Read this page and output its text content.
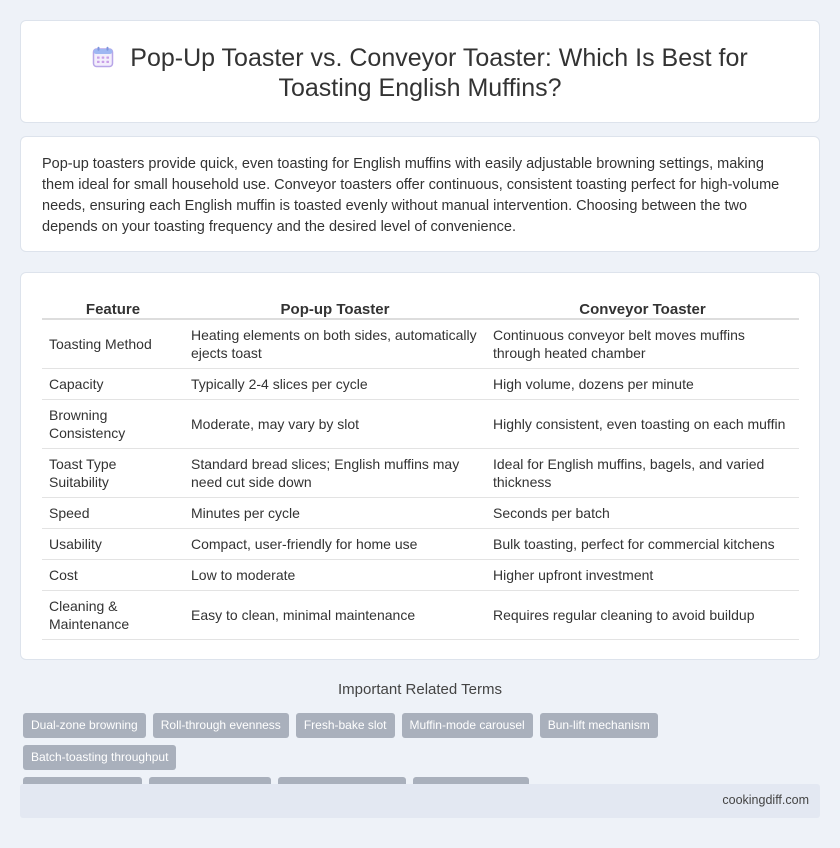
Pop-Up Toaster vs. Conveyor Toaster: Which Is Best for Toasting English Muffins?

Pop-up toasters provide quick, even toasting for English muffins with easily adjustable browning settings, making them ideal for small household use. Conveyor toasters offer continuous, consistent toasting perfect for high-volume needs, ensuring each English muffin is toasted evenly without manual intervention. Choosing between the two depends on your toasting frequency and the desired level of convenience.

Feature	Pop-up Toaster	Conveyor Toaster
Toasting Method	Heating elements on both sides, automatically ejects toast	Continuous conveyor belt moves muffins through heated chamber
Capacity	Typically 2-4 slices per cycle	High volume, dozens per minute
Browning Consistency	Moderate, may vary by slot	Highly consistent, even toasting on each muffin
Toast Type Suitability	Standard bread slices; English muffins may need cut side down	Ideal for English muffins, bagels, and varied thickness
Speed	Minutes per cycle	Seconds per batch
Usability	Compact, user-friendly for home use	Bulk toasting, perfect for commercial kitchens
Cost	Low to moderate	Higher upfront investment
Cleaning & Maintenance	Easy to clean, minimal maintenance	Requires regular cleaning to avoid buildup
Important Related Terms
Dual-zone browning	Roll-through evenness	Fresh-bake slot	Muffin-mode carousel	Bun-lift mechanism
Batch-toasting throughput
cookingdiff.com
